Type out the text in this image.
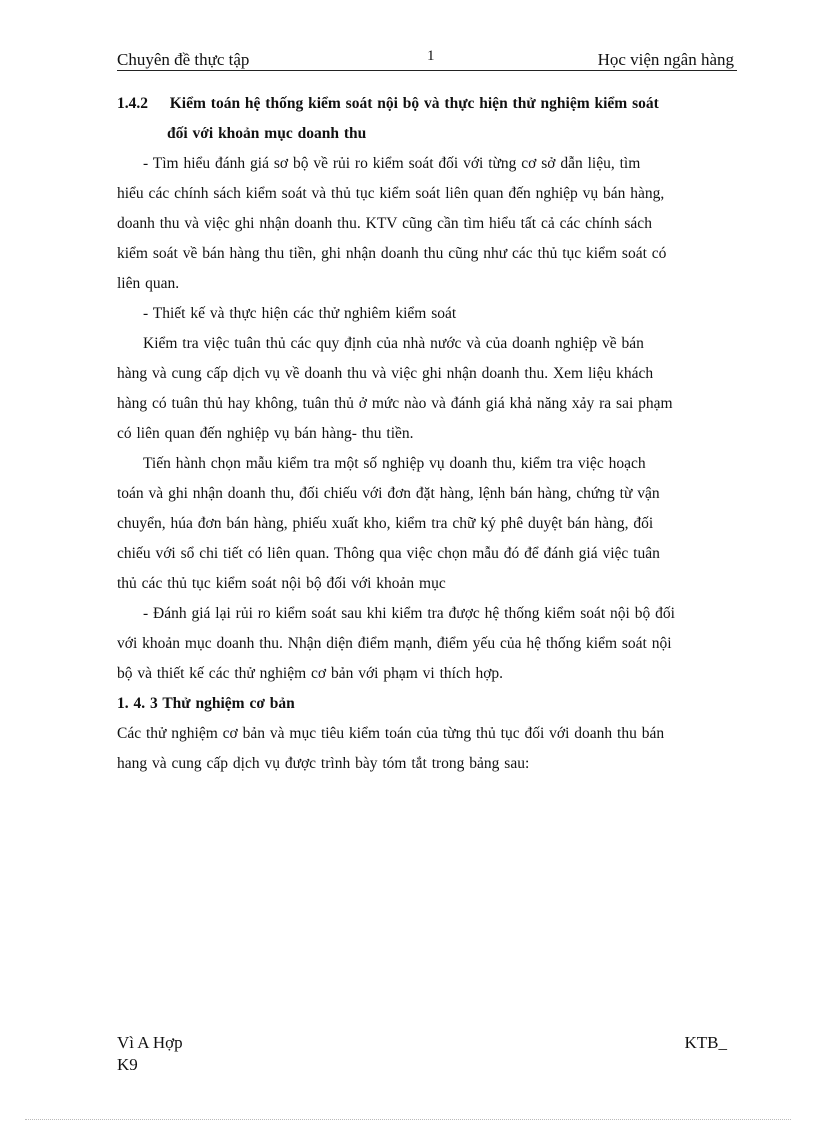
Chuyên đề thực tập	1	Học viện ngân hàng
1.4.2 Kiểm toán hệ thống kiểm soát nội bộ và thực hiện thử nghiệm kiểm soát
đối với khoản mục doanh thu
- Tìm hiểu đánh giá sơ bộ về rủi ro kiểm soát đối với từng cơ sở dẫn liệu, tìm
hiểu các chính sách kiểm soát và thủ tục kiểm soát liên quan đến nghiệp vụ bán hàng,
doanh thu và việc ghi nhận doanh thu. KTV cũng cần tìm hiểu tất cả các chính sách
kiểm soát về bán hàng thu tiền, ghi nhận doanh thu cũng như các thủ tục kiểm soát có
liên quan.
- Thiết kế và thực hiện các thử nghiêm kiểm soát
Kiểm tra việc tuân thủ các quy định của nhà nước và của doanh nghiệp về bán
hàng và cung cấp dịch vụ về doanh thu và việc ghi nhận doanh thu. Xem liệu khách
hàng có tuân thủ hay không, tuân thủ ở mức nào và đánh giá khả năng xảy ra sai phạm
có liên quan đến nghiệp vụ bán hàng- thu tiền.
Tiến hành chọn mẫu kiểm tra một số nghiệp vụ doanh thu, kiểm tra việc hoạch
toán và ghi nhận doanh thu, đối chiếu với đơn đặt hàng, lệnh bán hàng, chứng từ vận
chuyển, húa đơn bán hàng, phiếu xuất kho, kiểm tra chữ ký phê duyệt bán hàng, đối
chiếu với sổ chi tiết có liên quan. Thông qua việc chọn mẫu đó để đánh giá việc tuân
thủ các thủ tục kiểm soát nội bộ đối với khoản mục
- Đánh giá lại rủi ro kiểm soát sau khi kiểm tra được hệ thống kiểm soát nội bộ đối
với khoản mục doanh thu. Nhận diện điểm mạnh, điểm yếu của hệ thống kiểm soát nội
bộ và thiết kế các thử nghiệm cơ bản với phạm vi thích hợp.
1. 4. 3 Thử nghiệm cơ bản
Các thử nghiệm cơ bản và mục tiêu kiểm toán của từng thủ tục đối với doanh thu bán
hang và cung cấp dịch vụ được trình bày tóm tắt trong bảng sau:
Vì A Hợp	KTB_
K9
